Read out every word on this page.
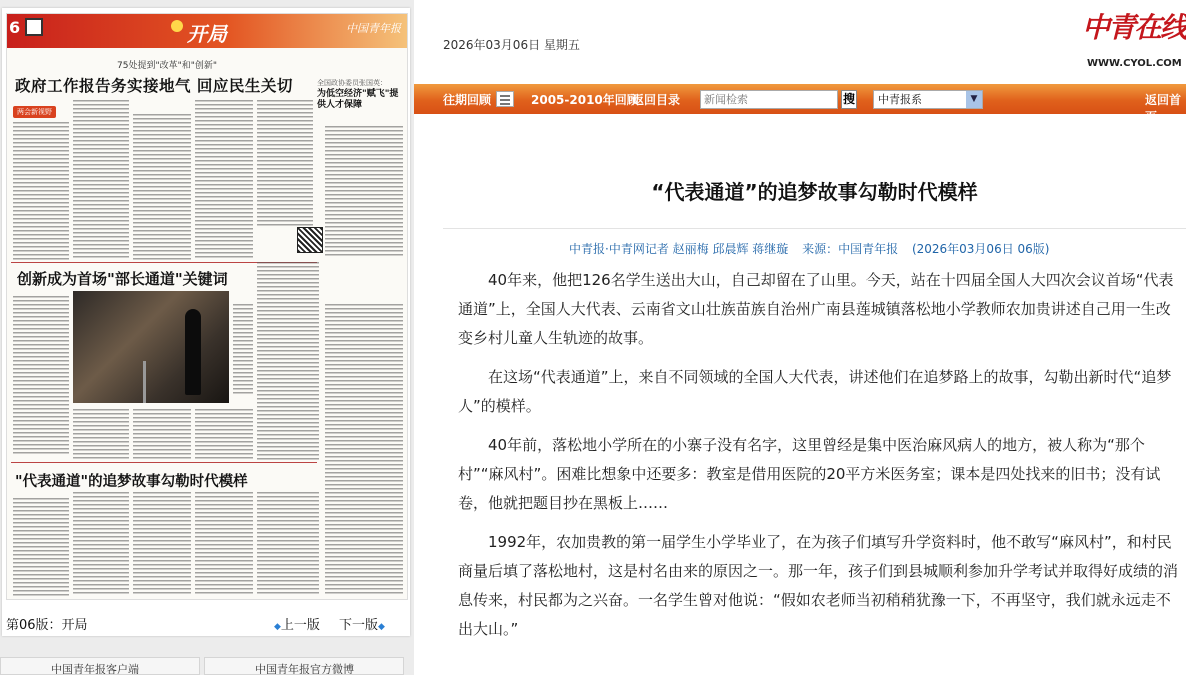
6	开局	中国青年报
75处提到"改革"和"创新"
政府工作报告务实接地气 回应民生关切	全国政协委员张国英：
为低空经济"赋飞"提供人才保障
两会新视野
创新成为首场"部长通道"关键词
"代表通道"的追梦故事勾勒时代模样
第06版：开局	◆上一版 下一版◆
中国青年报客户端	中国青年报官方微博
2026年03月06日 星期五
中青在线
WWW.CYOL.COM
往期回顾	2005-2010年回顾
返回目录
新闻检索	搜	中青报系	▼	返回首页
“代表通道”的追梦故事勾勒时代模样
中青报·中青网记者 赵丽梅 邱晨辉 蒋继璇 来源：中国青年报 (2026年03月06日 06版)

40年来，他把126名学生送出大山，自己却留在了山里。今天，站在十四届全国人大四次会议首场“代表通道”上，全国人大代表、云南省文山壮族苗族自治州广南县莲城镇落松地小学教师农加贵讲述自己用一生改变乡村儿童人生轨迹的故事。

在这场“代表通道”上，来自不同领域的全国人大代表，讲述他们在追梦路上的故事，勾勒出新时代“追梦人”的模样。

40年前，落松地小学所在的小寨子没有名字，这里曾经是集中医治麻风病人的地方，被人称为“那个村”“麻风村”。困难比想象中还要多：教室是借用医院的20平方米医务室；课本是四处找来的旧书；没有试卷，他就把题目抄在黑板上……

1992年，农加贵教的第一届学生小学毕业了，在为孩子们填写升学资料时，他不敢写“麻风村”，和村民商量后填了落松地村，这是村名由来的原因之一。那一年，孩子们到县城顺利参加升学考试并取得好成绩的消息传来，村民都为之兴奋。一名学生曾对他说：“假如农老师当初稍稍犹豫一下，不再坚守，我们就永远走不出大山。”
